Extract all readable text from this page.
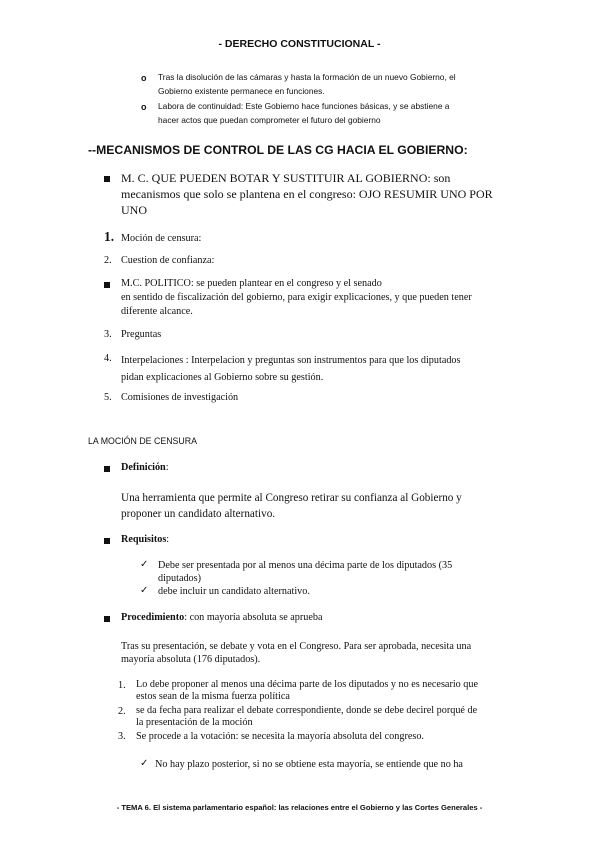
- DERECHO CONSTITUCIONAL -
o Tras la disolución de las cámaras y hasta la formación de un nuevo Gobierno, el
Gobierno existente permanece en funciones.
o Labora de continuidad: Este Gobierno hace funciones básicas, y se abstiene a
hacer actos que puedan comprometer el futuro del gobierno
--MECANISMOS DE CONTROL DE LAS CG HACIA EL GOBIERNO:
M. C. QUE PUEDEN BOTAR Y SUSTITUIR AL GOBIERNO: son
mecanismos que solo se plantena en el congreso: OJO RESUMIR UNO POR
UNO
1. Moción de censura:
2. Cuestion de confianza:
M.C. POLITICO: se pueden plantear en el congreso y el senado
en sentido de fiscalización del gobierno, para exigir explicaciones, y que pueden tener
diferente alcance.
3. Preguntas
4. Interpelaciones : Interpelacion y preguntas son instrumentos para que los diputados
pidan explicaciones al Gobierno sobre su gestión.
5. Comisiones de investigación
LA MOCIÓN DE CENSURA
Definición:
Una herramienta que permite al Congreso retirar su confianza al Gobierno y
proponer un candidato alternativo.
Requisitos:
✓ Debe ser presentada por al menos una décima parte de los diputados (35
diputados)
✓ debe incluir un candidato alternativo.
Procedimiento: con mayoría absoluta se aprueba
Tras su presentación, se debate y vota en el Congreso. Para ser aprobada, necesita una
mayoría absoluta (176 diputados).
1. Lo debe proponer al menos una décima parte de los diputados y no es necesario que
estos sean de la misma fuerza política
2. se da fecha para realizar el debate correspondiente, donde se debe decirel porqué de
la presentación de la moción
3. Se procede a la votación: se necesita la mayoría absoluta del congreso.
✓ No hay plazo posterior, si no se obtiene esta mayoría, se entiende que no ha
- TEMA 6. El sistema parlamentario español: las relaciones entre el Gobierno y las Cortes Generales -
